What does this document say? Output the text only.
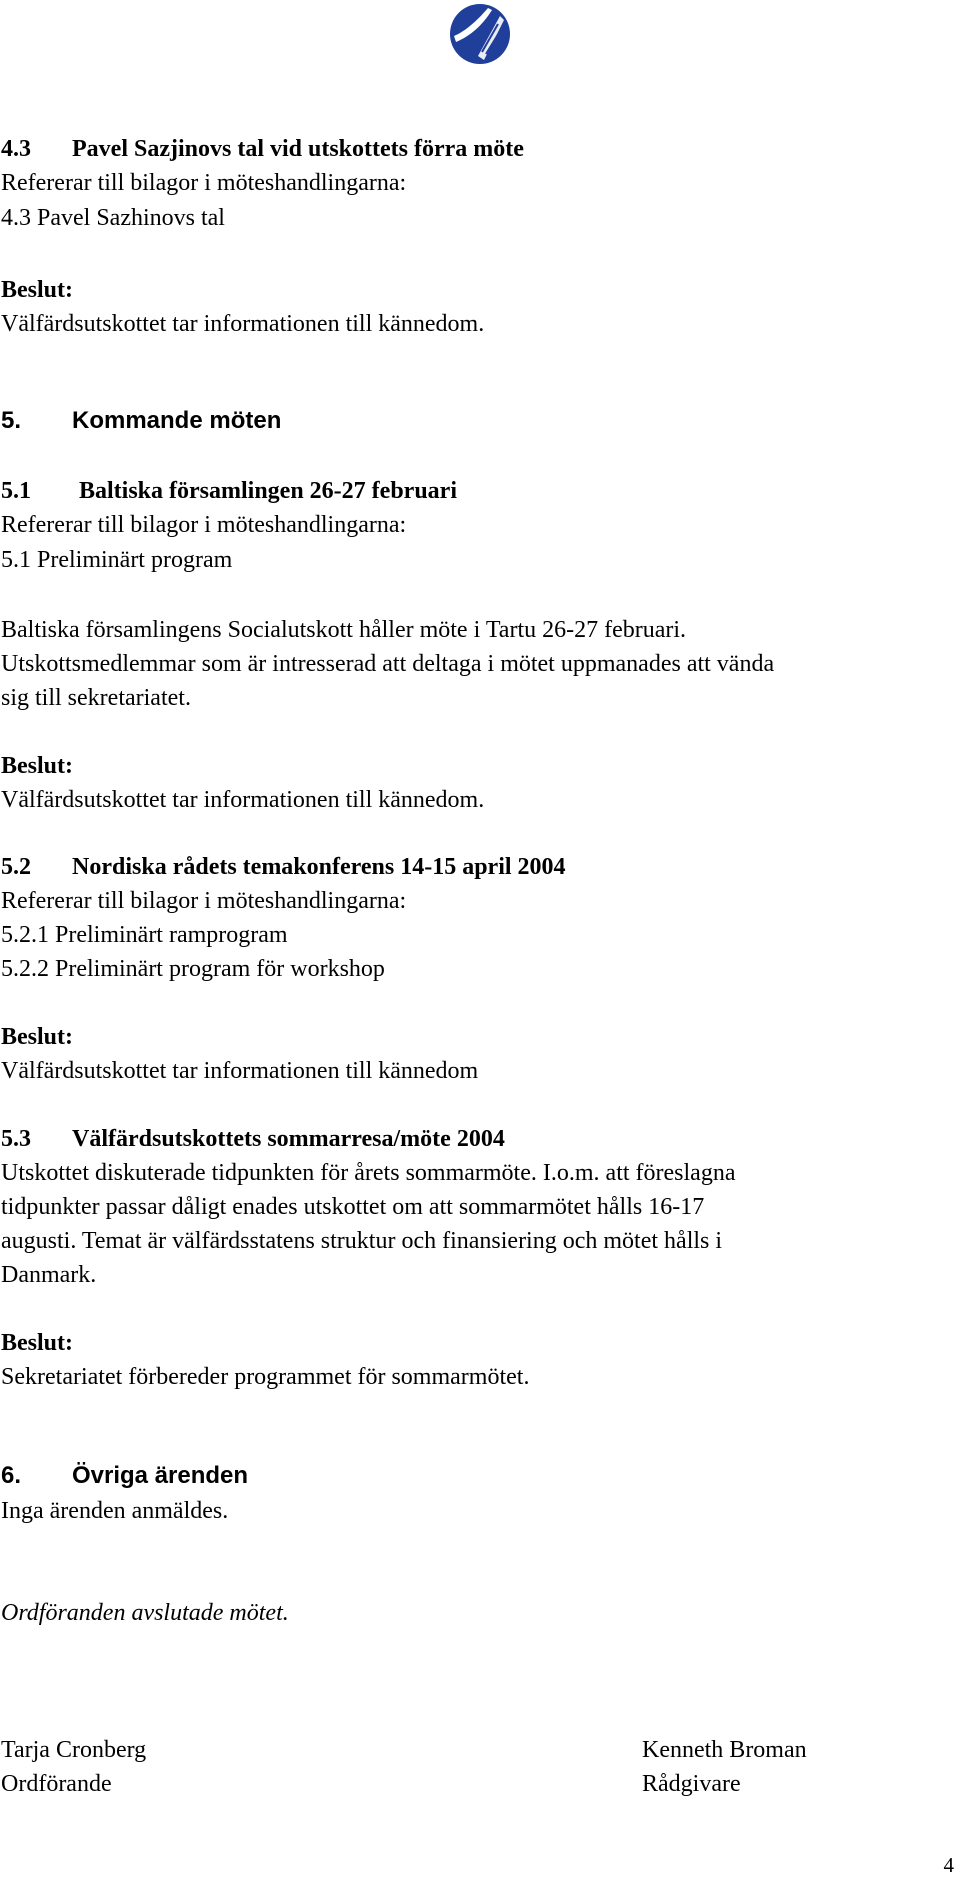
4.3 Pavel Sazjinovs tal vid utskottets förra möte

Refererar till bilagor i möteshandlingarna:

4.3 Pavel Sazhinovs tal

Beslut:

Välfärdsutskottet tar informationen till kännedom.

5. Kommande möten

5.1 Baltiska församlingen 26-27 februari

Refererar till bilagor i möteshandlingarna:

5.1 Preliminärt program

Baltiska församlingens Socialutskott håller möte i Tartu 26-27 februari.

Utskottsmedlemmar som är intresserad att deltaga i mötet uppmanades att vända

sig till sekretariatet.

Beslut:

Välfärdsutskottet tar informationen till kännedom.

5.2 Nordiska rådets temakonferens 14-15 april 2004

Refererar till bilagor i möteshandlingarna:

5.2.1 Preliminärt ramprogram

5.2.2 Preliminärt program för workshop

Beslut:

Välfärdsutskottet tar informationen till kännedom

5.3 Välfärdsutskottets sommarresa/möte 2004

Utskottet diskuterade tidpunkten för årets sommarmöte. I.o.m. att föreslagna

tidpunkter passar dåligt enades utskottet om att sommarmötet hålls 16-17

augusti. Temat är välfärdsstatens struktur och finansiering och mötet hålls i

Danmark.

Beslut:

Sekretariatet förbereder programmet för sommarmötet.

6. Övriga ärenden

Inga ärenden anmäldes.

Ordföranden avslutade mötet.

Tarja Cronberg

Ordförande

Kenneth Broman

Rådgivare

4
